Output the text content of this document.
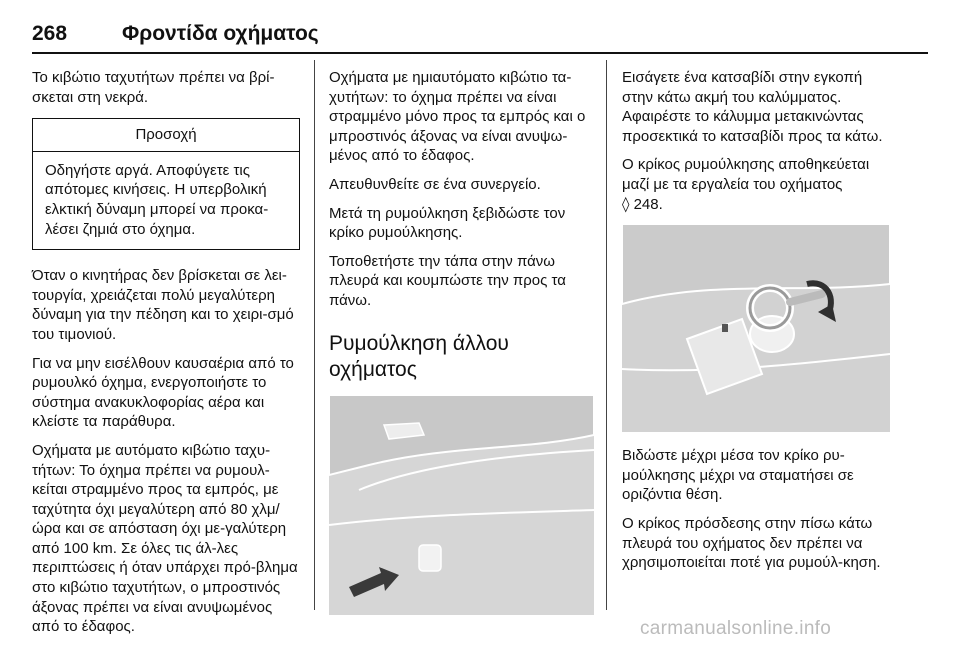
268	Φροντίδα οχήματος

Το κιβώτιο ταχυτήτων πρέπει να βρί-σκεται στη νεκρά.

Προσοχή
Οδηγήστε αργά. Αποφύγετε τις απότομες κινήσεις. Η υπερβολική ελκτική δύναμη μπορεί να προκα-λέσει ζημιά στο όχημα.

Όταν ο κινητήρας δεν βρίσκεται σε λει-τουργία, χρειάζεται πολύ μεγαλύτερη δύναμη για την πέδηση και το χειρι-σμό του τιμονιού.

Για να μην εισέλθουν καυσαέρια από το ρυμουλκό όχημα, ενεργοποιήστε το σύστημα ανακυκλοφορίας αέρα και κλείστε τα παράθυρα.

Οχήματα με αυτόματο κιβώτιο ταχυ-τήτων: Το όχημα πρέπει να ρυμουλ-κείται στραμμένο προς τα εμπρός, με ταχύτητα όχι μεγαλύτερη από 80 χλμ/ώρα και σε απόσταση όχι με-γαλύτερη από 100 km. Σε όλες τις άλ-λες περιπτώσεις ή όταν υπάρχει πρό-βλημα στο κιβώτιο ταχυτήτων, ο μπροστινός άξονας πρέπει να είναι ανυψωμένος από το έδαφος.

Οχήματα με ημιαυτόματο κιβώτιο τα-χυτήτων: το όχημα πρέπει να είναι στραμμένο μόνο προς τα εμπρός και ο μπροστινός άξονας να είναι ανυψω-μένος από το έδαφος.

Απευθυνθείτε σε ένα συνεργείο.

Μετά τη ρυμούλκηση ξεβιδώστε τον κρίκο ρυμούλκησης.

Τοποθετήστε την τάπα στην πάνω πλευρά και κουμπώστε την προς τα πάνω.

Ρυμούλκηση άλλου οχήματος

Εισάγετε ένα κατσαβίδι στην εγκοπή στην κάτω ακμή του καλύμματος. Αφαιρέστε το κάλυμμα μετακινώντας προσεκτικά το κατσαβίδι προς τα κάτω.

Ο κρίκος ρυμούλκησης αποθηκεύεται μαζί με τα εργαλεία του οχήματος
◊ 248.

Βιδώστε μέχρι μέσα τον κρίκο ρυ-μούλκησης μέχρι να σταματήσει σε οριζόντια θέση.

Ο κρίκος πρόσδεσης στην πίσω κάτω πλευρά του οχήματος δεν πρέπει να χρησιμοποιείται ποτέ για ρυμούλ-κηση.

carmanualsonline.info
